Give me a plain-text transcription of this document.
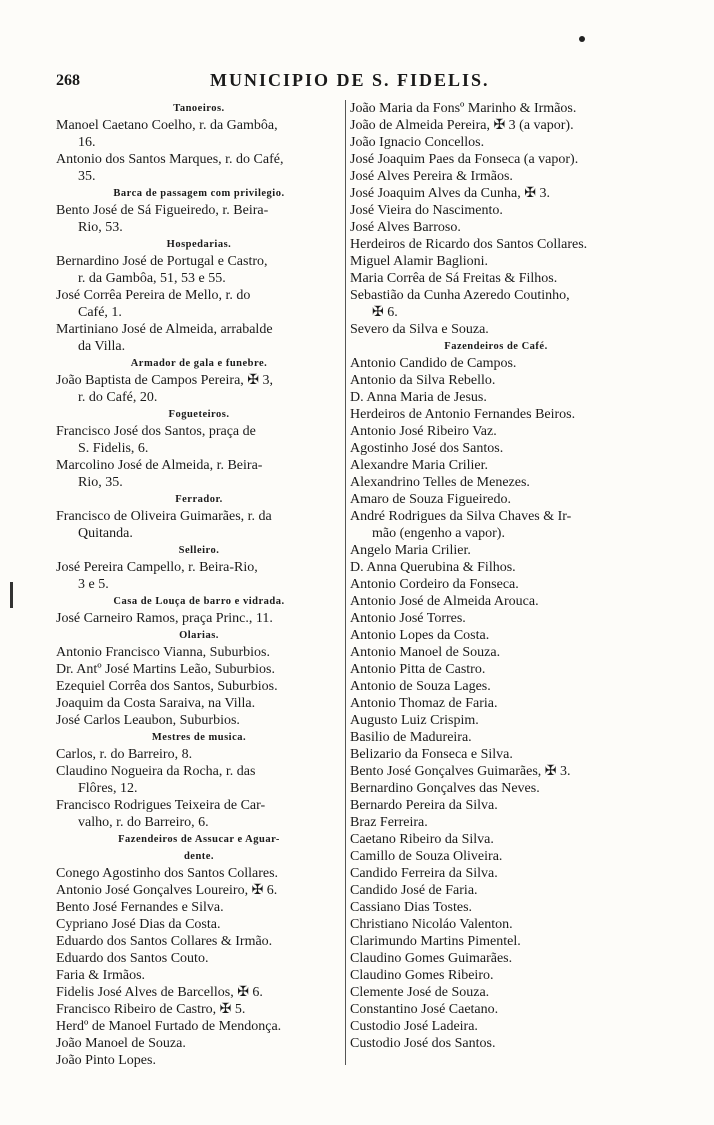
268	MUNICIPIO DE S. FIDELIS.
Tanoeiros.
Manoel Caetano Coelho, r. da Gambôa,
16.
Antonio dos Santos Marques, r. do Café,
35.
Barca de passagem com privilegio.
Bento José de Sá Figueiredo, r. Beira-
Rio, 53.
Hospedarias.
Bernardino José de Portugal e Castro,
r. da Gambôa, 51, 53 e 55.
José Corrêa Pereira de Mello, r. do
Café, 1.
Martiniano José de Almeida, arrabalde
da Villa.
Armador de gala e funebre.
João Baptista de Campos Pereira, ✠ 3,
r. do Café, 20.
Fogueteiros.
Francisco José dos Santos, praça de
S. Fidelis, 6.
Marcolino José de Almeida, r. Beira-
Rio, 35.
Ferrador.
Francisco de Oliveira Guimarães, r. da
Quitanda.
Selleiro.
José Pereira Campello, r. Beira-Rio,
3 e 5.
Casa de Louça de barro e vidrada.
José Carneiro Ramos, praça Princ., 11.
Olarias.
Antonio Francisco Vianna, Suburbios.
Dr. Antº José Martins Leão, Suburbios.
Ezequiel Corrêa dos Santos, Suburbios.
Joaquim da Costa Saraiva, na Villa.
José Carlos Leaubon, Suburbios.
Mestres de musica.
Carlos, r. do Barreiro, 8.
Claudino Nogueira da Rocha, r. das
Flôres, 12.
Francisco Rodrigues Teixeira de Car-
valho, r. do Barreiro, 6.
Fazendeiros de Assucar e Aguar-
dente.
Conego Agostinho dos Santos Collares.
Antonio José Gonçalves Loureiro, ✠ 6.
Bento José Fernandes e Silva.
Cypriano José Dias da Costa.
Eduardo dos Santos Collares & Irmão.
Eduardo dos Santos Couto.
Faria & Irmãos.
Fidelis José Alves de Barcellos, ✠ 6.
Francisco Ribeiro de Castro, ✠ 5.
Herdº de Manoel Furtado de Mendonça.
João Manoel de Souza.
João Pinto Lopes.
João Maria da Fonsº Marinho & Irmãos.
João de Almeida Pereira, ✠ 3 (a vapor).
João Ignacio Concellos.
José Joaquim Paes da Fonseca (a vapor).
José Alves Pereira & Irmãos.
José Joaquim Alves da Cunha, ✠ 3.
José Vieira do Nascimento.
José Alves Barroso.
Herdeiros de Ricardo dos Santos Collares.
Miguel Alamir Baglioni.
Maria Corrêa de Sá Freitas & Filhos.
Sebastião da Cunha Azeredo Coutinho,
✠ 6.
Severo da Silva e Souza.
Fazendeiros de Café.
Antonio Candido de Campos.
Antonio da Silva Rebello.
D. Anna Maria de Jesus.
Herdeiros de Antonio Fernandes Beiros.
Antonio José Ribeiro Vaz.
Agostinho José dos Santos.
Alexandre Maria Crilier.
Alexandrino Telles de Menezes.
Amaro de Souza Figueiredo.
André Rodrigues da Silva Chaves & Ir-
mão (engenho a vapor).
Angelo Maria Crilier.
D. Anna Querubina & Filhos.
Antonio Cordeiro da Fonseca.
Antonio José de Almeida Arouca.
Antonio José Torres.
Antonio Lopes da Costa.
Antonio Manoel de Souza.
Antonio Pitta de Castro.
Antonio de Souza Lages.
Antonio Thomaz de Faria.
Augusto Luiz Crispim.
Basilio de Madureira.
Belizario da Fonseca e Silva.
Bento José Gonçalves Guimarães, ✠ 3.
Bernardino Gonçalves das Neves.
Bernardo Pereira da Silva.
Braz Ferreira.
Caetano Ribeiro da Silva.
Camillo de Souza Oliveira.
Candido Ferreira da Silva.
Candido José de Faria.
Cassiano Dias Tostes.
Christiano Nicoláo Valenton.
Clarimundo Martins Pimentel.
Claudino Gomes Guimarães.
Claudino Gomes Ribeiro.
Clemente José de Souza.
Constantino José Caetano.
Custodio José Ladeira.
Custodio José dos Santos.
